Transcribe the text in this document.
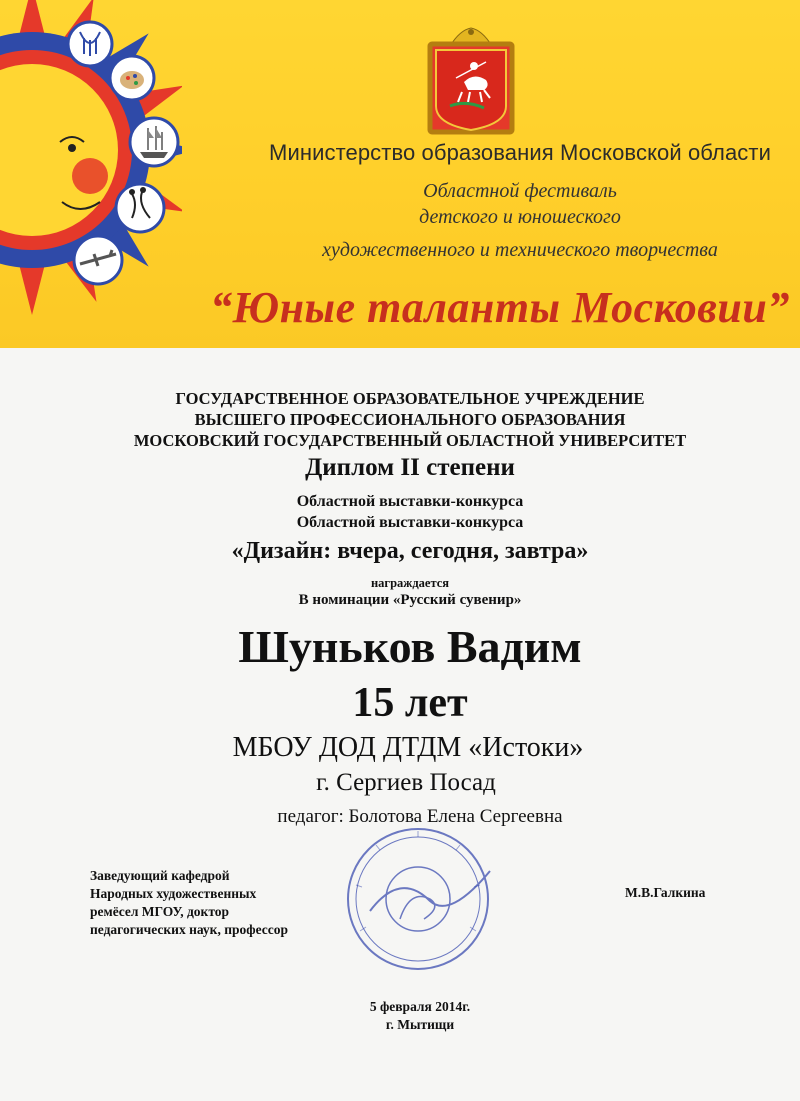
Министерство образования Московской области
Областной фестиваль
детского и юношеского
художественного и технического творчества
“Юные таланты Московии”
ГОСУДАРСТВЕННОЕ ОБРАЗОВАТЕЛЬНОЕ УЧРЕЖДЕНИЕ
ВЫСШЕГО ПРОФЕССИОНАЛЬНОГО ОБРАЗОВАНИЯ
МОСКОВСКИЙ ГОСУДАРСТВЕННЫЙ ОБЛАСТНОЙ УНИВЕРСИТЕТ
Диплом II степени
Областной выставки-конкурса
Областной выставки-конкурса
«Дизайн: вчера, сегодня, завтра»
награждается
В номинации «Русский сувенир»
Шуньков Вадим
15 лет
МБОУ ДОД ДТДМ «Истоки»
г. Сергиев Посад
педагог: Болотова Елена Сергеевна
Заведующий кафедрой
Народных художественных
ремёсел МГОУ, доктор
педагогических наук, профессор
М.В.Галкина
5 февраля 2014г.
г. Мытищи
